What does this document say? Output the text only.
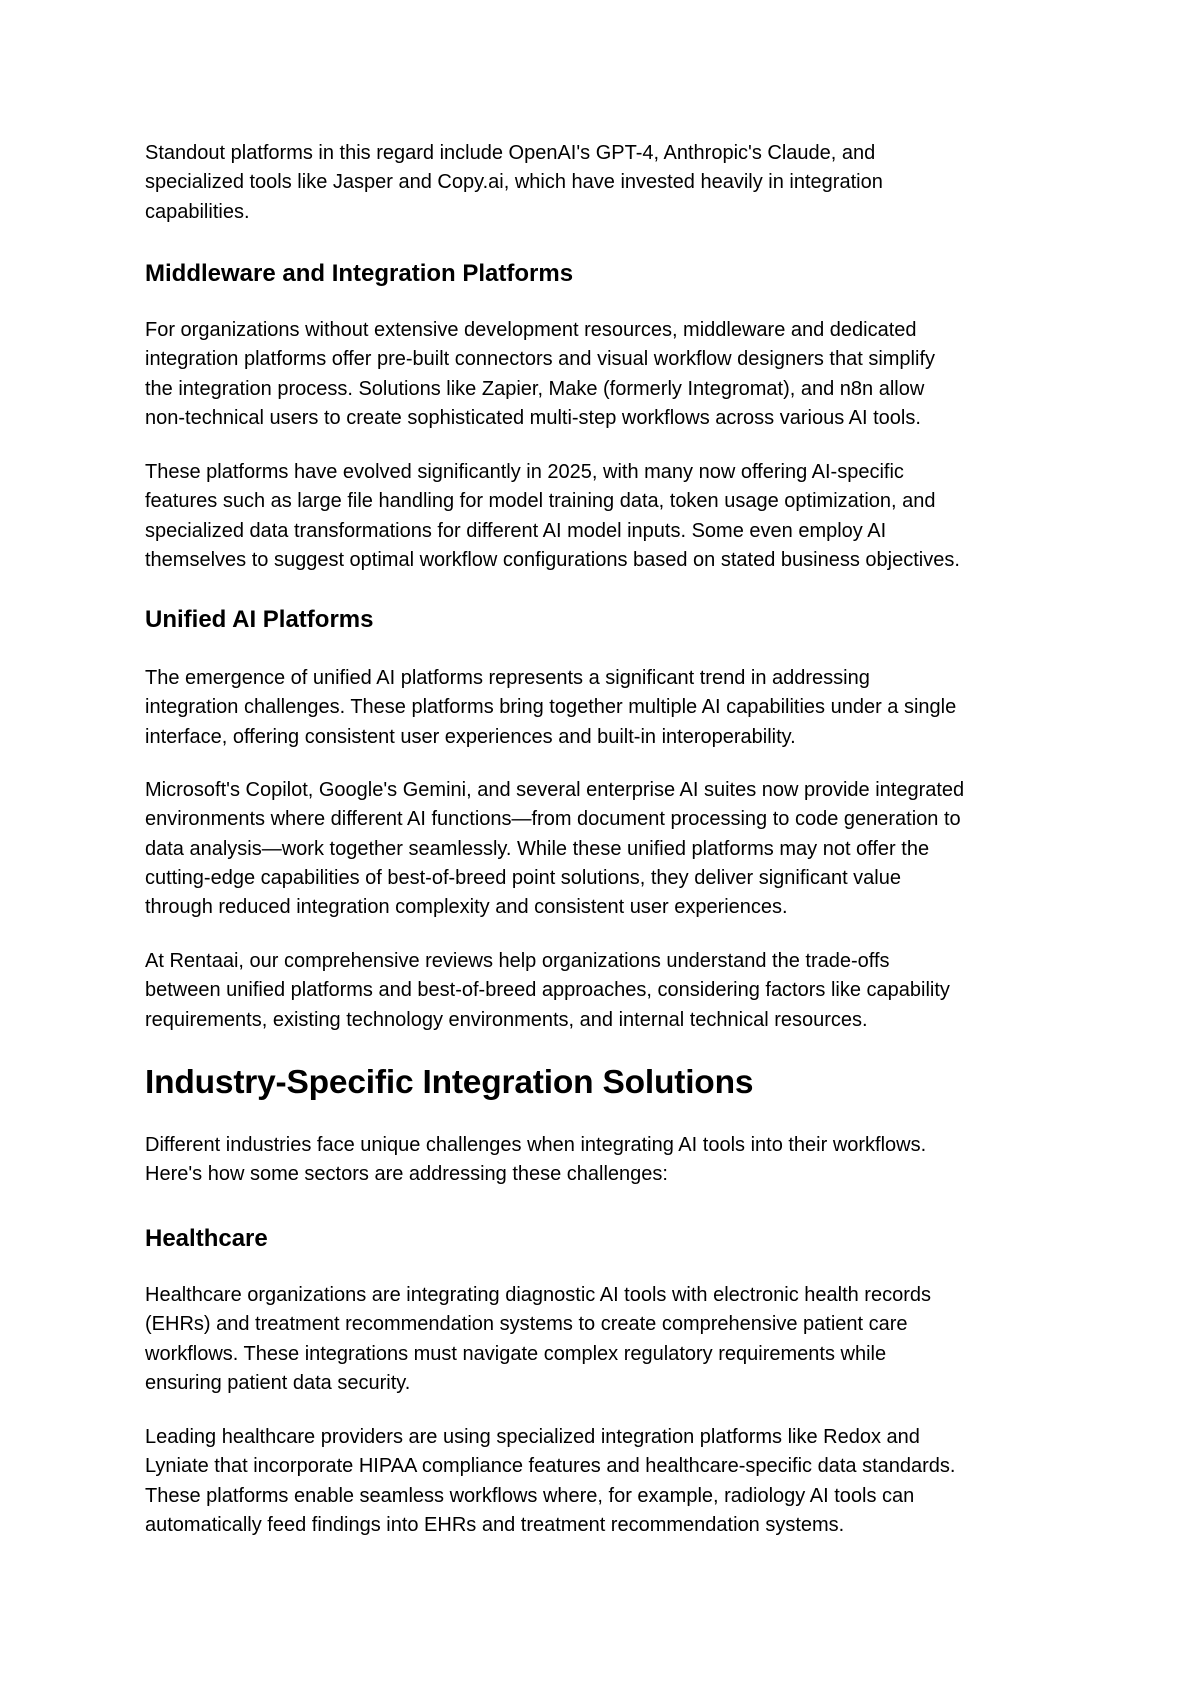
Standout platforms in this regard include OpenAI's GPT-4, Anthropic's Claude, and
specialized tools like Jasper and Copy.ai, which have invested heavily in integration
capabilities.
Middleware and Integration Platforms
For organizations without extensive development resources, middleware and dedicated
integration platforms offer pre-built connectors and visual workflow designers that simplify
the integration process. Solutions like Zapier, Make (formerly Integromat), and n8n allow
non-technical users to create sophisticated multi-step workflows across various AI tools.
These platforms have evolved significantly in 2025, with many now offering AI-specific
features such as large file handling for model training data, token usage optimization, and
specialized data transformations for different AI model inputs. Some even employ AI
themselves to suggest optimal workflow configurations based on stated business objectives.
Unified AI Platforms
The emergence of unified AI platforms represents a significant trend in addressing
integration challenges. These platforms bring together multiple AI capabilities under a single
interface, offering consistent user experiences and built-in interoperability.
Microsoft's Copilot, Google's Gemini, and several enterprise AI suites now provide integrated
environments where different AI functions—from document processing to code generation to
data analysis—work together seamlessly. While these unified platforms may not offer the
cutting-edge capabilities of best-of-breed point solutions, they deliver significant value
through reduced integration complexity and consistent user experiences.
At Rentaai, our comprehensive reviews help organizations understand the trade-offs
between unified platforms and best-of-breed approaches, considering factors like capability
requirements, existing technology environments, and internal technical resources.
Industry-Specific Integration Solutions
Different industries face unique challenges when integrating AI tools into their workflows.
Here's how some sectors are addressing these challenges:
Healthcare
Healthcare organizations are integrating diagnostic AI tools with electronic health records
(EHRs) and treatment recommendation systems to create comprehensive patient care
workflows. These integrations must navigate complex regulatory requirements while
ensuring patient data security.
Leading healthcare providers are using specialized integration platforms like Redox and
Lyniate that incorporate HIPAA compliance features and healthcare-specific data standards.
These platforms enable seamless workflows where, for example, radiology AI tools can
automatically feed findings into EHRs and treatment recommendation systems.
